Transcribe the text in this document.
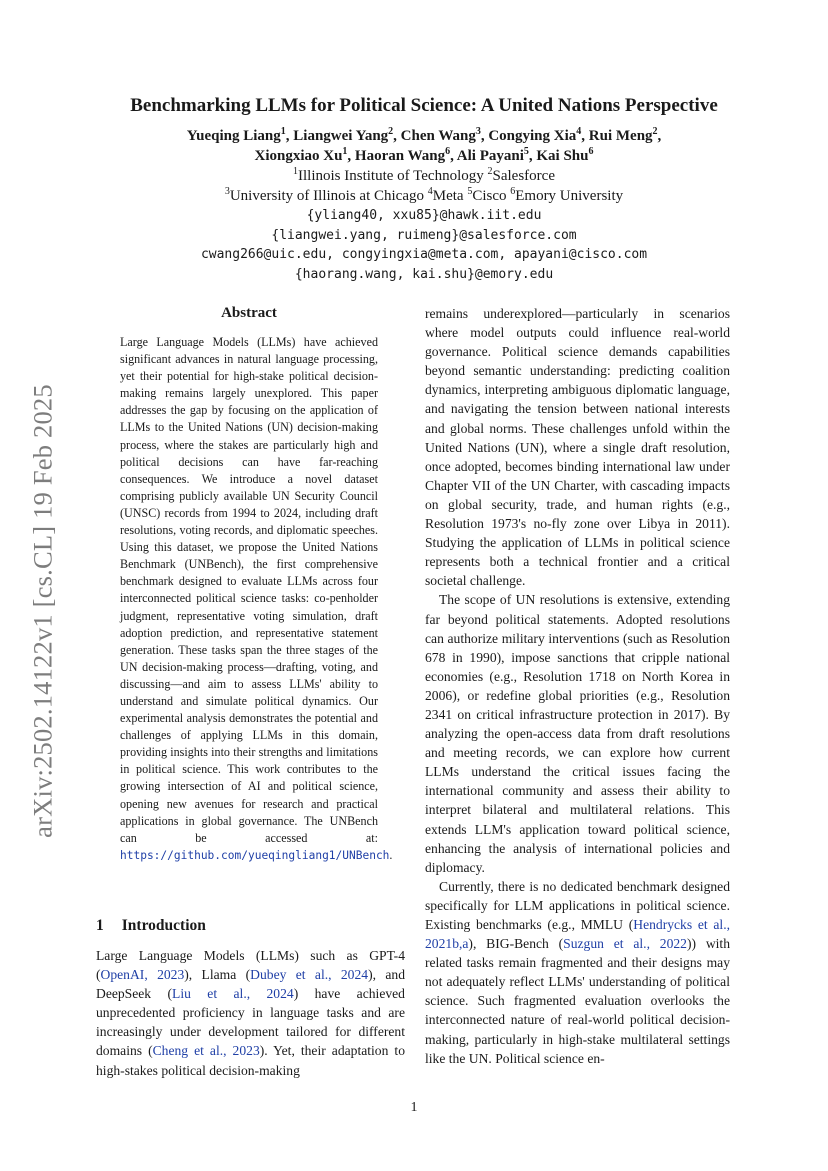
arXiv:2502.14122v1 [cs.CL] 19 Feb 2025
Benchmarking LLMs for Political Science: A United Nations Perspective
Yueqing Liang$^1$, Liangwei Yang$^2$, Chen Wang$^3$, Congying Xia$^4$, Rui Meng$^2$,
Xiongxiao Xu$^1$, Haoran Wang$^6$, Ali Payani$^5$, Kai Shu$^6$
$^1$Illinois Institute of Technology $^2$Salesforce
$^3$University of Illinois at Chicago $^4$Meta $^5$Cisco $^6$Emory University
{yliang40, xxu85}@hawk.iit.edu
{liangwei.yang, ruimeng}@salesforce.com
cwang266@uic.edu, congyingxia@meta.com, apayani@cisco.com
{haorang.wang, kai.shu}@emory.edu
Abstract

Large Language Models (LLMs) have achieved significant advances in natural language processing, yet their potential for high-stake political decision-making remains largely unexplored. This paper addresses the gap by focusing on the application of LLMs to the United Nations (UN) decision-making process, where the stakes are particularly high and political decisions can have far-reaching consequences. We introduce a novel dataset comprising publicly available UN Security Council (UNSC) records from 1994 to 2024, including draft resolutions, voting records, and diplomatic speeches. Using this dataset, we propose the United Nations Benchmark (UNBench), the first comprehensive benchmark designed to evaluate LLMs across four interconnected political science tasks: co-penholder judgment, representative voting simulation, draft adoption prediction, and representative statement generation. These tasks span the three stages of the UN decision-making process—drafting, voting, and discussing—and aim to assess LLMs' ability to understand and simulate political dynamics. Our experimental analysis demonstrates the potential and challenges of applying LLMs in this domain, providing insights into their strengths and limitations in political science. This work contributes to the growing intersection of AI and political science, opening new avenues for research and practical applications in global governance. The UNBench can be accessed at: https://github.com/yueqingliang1/UNBench.

1 Introduction

Large Language Models (LLMs) such as GPT-4 (OpenAI, 2023), Llama (Dubey et al., 2024), and DeepSeek (Liu et al., 2024) have achieved unprecedented proficiency in language tasks and are increasingly under development tailored for different domains (Cheng et al., 2023). Yet, their adaptation to high-stakes political decision-making

remains underexplored—particularly in scenarios where model outputs could influence real-world governance. Political science demands capabilities beyond semantic understanding: predicting coalition dynamics, interpreting ambiguous diplomatic language, and navigating the tension between national interests and global norms. These challenges unfold within the United Nations (UN), where a single draft resolution, once adopted, becomes binding international law under Chapter VII of the UN Charter, with cascading impacts on global security, trade, and human rights (e.g., Resolution 1973's no-fly zone over Libya in 2011). Studying the application of LLMs in political science represents both a technical frontier and a critical societal challenge.

The scope of UN resolutions is extensive, extending far beyond political statements. Adopted resolutions can authorize military interventions (such as Resolution 678 in 1990), impose sanctions that cripple national economies (e.g., Resolution 1718 on North Korea in 2006), or redefine global priorities (e.g., Resolution 2341 on critical infrastructure protection in 2017). By analyzing the open-access data from draft resolutions and meeting records, we can explore how current LLMs understand the critical issues facing the international community and assess their ability to interpret bilateral and multilateral relations. This extends LLM's application toward political science, enhancing the analysis of international policies and diplomacy.

Currently, there is no dedicated benchmark designed specifically for LLM applications in political science. Existing benchmarks (e.g., MMLU (Hendrycks et al., 2021b,a), BIG-Bench (Suzgun et al., 2022)) with related tasks remain fragmented and their designs may not adequately reflect LLMs' understanding of political science. Such fragmented evaluation overlooks the interconnected nature of real-world political decision-making, particularly in high-stake multilateral settings like the UN. Political science en-

1
